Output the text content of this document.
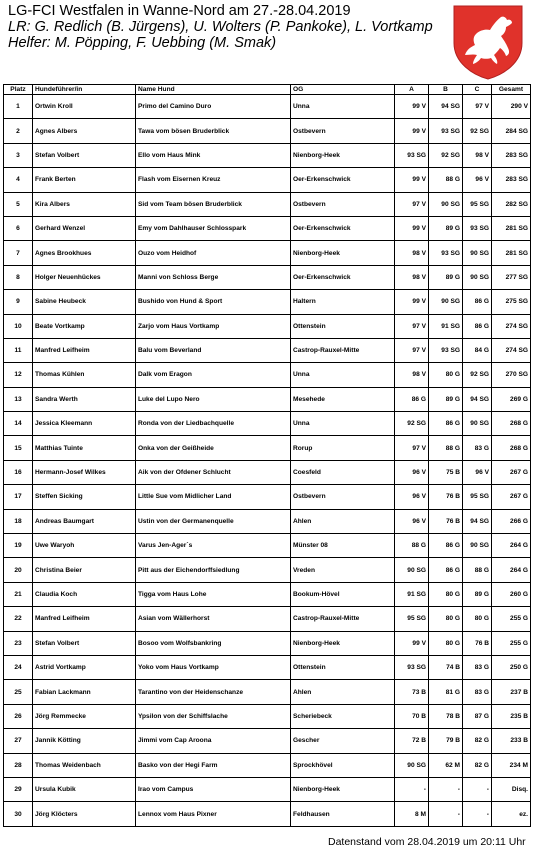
LG-FCI Westfalen in Wanne-Nord am 27.-28.04.2019
LR: G. Redlich (B. Jürgens), U. Wolters (P. Pankoke), L. Vortkamp
Helfer: M. Pöpping, F. Uebbing (M. Smak)
Platz	Hundeführer/in	Name Hund	OG	A	B	C	Gesamt
1	Ortwin Kroll	Primo del Camino Duro	Unna	99 V	94 SG	97 V	290 V
2	Agnes Albers	Tawa vom bösen Bruderblick	Ostbevern	99 V	93 SG	92 SG	284 SG
3	Stefan Volbert	Ello vom Haus Mink	Nienborg-Heek	93 SG	92 SG	98 V	283 SG
4	Frank Berten	Flash vom Eisernen Kreuz	Oer-Erkenschwick	99 V	88 G	96 V	283 SG
5	Kira Albers	Sid vom Team bösen Bruderblick	Ostbevern	97 V	90 SG	95 SG	282 SG
6	Gerhard Wenzel	Emy vom Dahlhauser Schlosspark	Oer-Erkenschwick	99 V	89 G	93 SG	281 SG
7	Agnes Brookhues	Ouzo vom Heidhof	Nienborg-Heek	98 V	93 SG	90 SG	281 SG
8	Holger Neuenhückes	Manni von Schloss Berge	Oer-Erkenschwick	98 V	89 G	90 SG	277 SG
9	Sabine Heubeck	Bushido von Hund & Sport	Haltern	99 V	90 SG	86 G	275 SG
10	Beate Vortkamp	Zarjo vom Haus Vortkamp	Ottenstein	97 V	91 SG	86 G	274 SG
11	Manfred Leifheim	Balu vom Beverland	Castrop-Rauxel-Mitte	97 V	93 SG	84 G	274 SG
12	Thomas Kühlen	Dalk vom Eragon	Unna	98 V	80 G	92 SG	270 SG
13	Sandra Werth	Luke del Lupo Nero	Mesehede	86 G	89 G	94 SG	269 G
14	Jessica Kleemann	Ronda von der Liedbachquelle	Unna	92 SG	86 G	90 SG	268 G
15	Matthias Tuinte	Onka von der Geißheide	Rorup	97 V	88 G	83 G	268 G
16	Hermann-Josef Wilkes	Aik von der Ofdener Schlucht	Coesfeld	96 V	75 B	96 V	267 G
17	Steffen Sicking	Little Sue vom Midlicher Land	Ostbevern	96 V	76 B	95 SG	267 G
18	Andreas Baumgart	Ustin von der Germanenquelle	Ahlen	96 V	76 B	94 SG	266 G
19	Uwe Waryoh	Varus Jen-Ager´s	Münster 08	88 G	86 G	90 SG	264 G
20	Christina Beier	Pitt aus der Eichendorffsiedlung	Vreden	90 SG	86 G	88 G	264 G
21	Claudia Koch	Tigga vom Haus Lohe	Bookum-Hövel	91 SG	80 G	89 G	260 G
22	Manfred Leifheim	Asian vom Wällerhorst	Castrop-Rauxel-Mitte	95 SG	80 G	80 G	255 G
23	Stefan Volbert	Bosoo vom Wolfsbankring	Nienborg-Heek	99 V	80 G	76 B	255 G
24	Astrid Vortkamp	Yoko vom Haus Vortkamp	Ottenstein	93 SG	74 B	83 G	250 G
25	Fabian Lackmann	Tarantino von der Heidenschanze	Ahlen	73 B	81 G	83 G	237 B
26	Jörg Remmecke	Ypsilon von der Schiffslache	Scheriebeck	70 B	78 B	87 G	235 B
27	Jannik Kötting	Jimmi vom Cap Aroona	Gescher	72 B	79 B	82 G	233 B
28	Thomas Weidenbach	Basko von der Hegi Farm	Sprockhövel	90 SG	62 M	82 G	234 M
29	Ursula Kubik	Irao vom Campus	Nienborg-Heek	-	-	-	Disq.
30	Jörg Klöcters	Lennox vom Haus Pixner	Feldhausen	8 M	-	-	ez.
Datenstand vom 28.04.2019 um 20:11 Uhr
